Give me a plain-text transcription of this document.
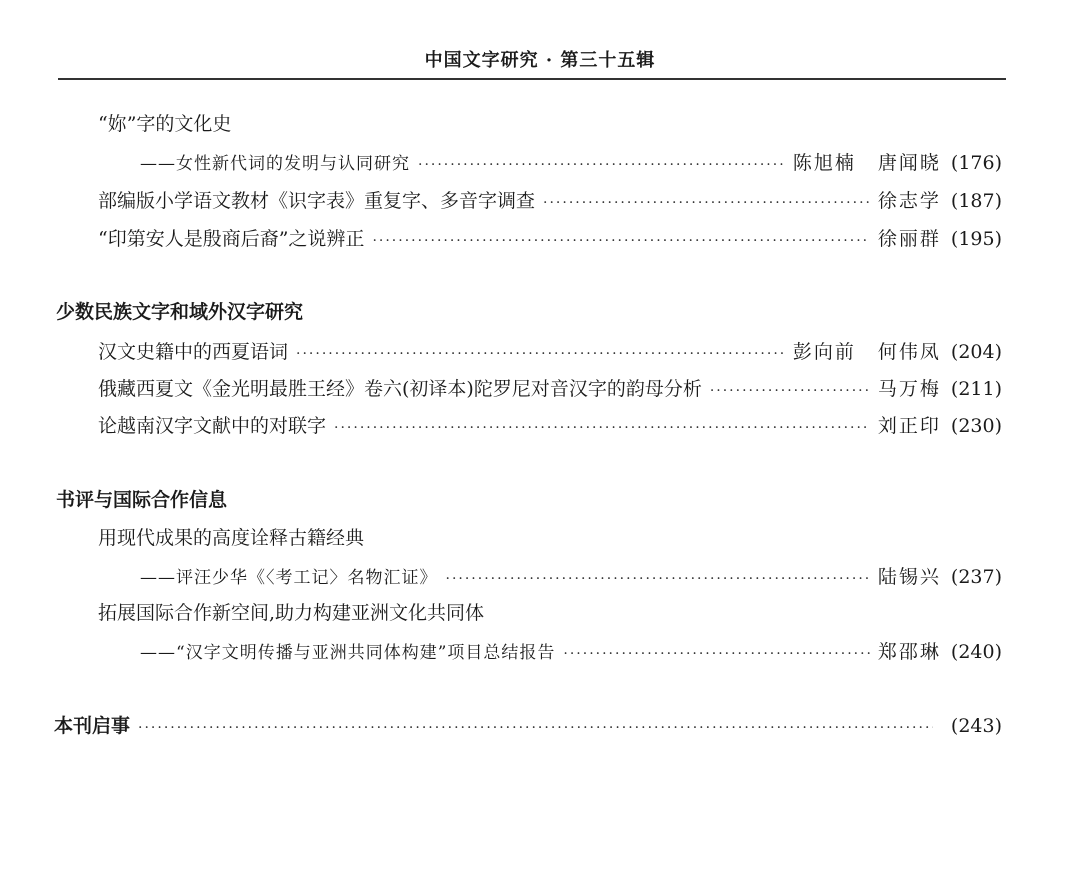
中国文字研究 · 第三十五辑
“妳”字的文化史
——女性新代词的发明与认同研究 ·····	陈旭楠 唐闻晓 (176)
部编版小学语文教材《识字表》重复字、多音字调查 ·····	徐志学 (187)
“印第安人是殷商后裔”之说辨正 ·····	徐丽群 (195)
少数民族文字和域外汉字研究
汉文史籍中的西夏语词 ·····	彭向前 何伟凤 (204)
俄藏西夏文《金光明最胜王经》卷六(初译本)陀罗尼对音汉字的韵母分析 ·····	马万梅 (211)
论越南汉字文献中的对联字 ·····	刘正印 (230)
书评与国际合作信息
用现代成果的高度诠释古籍经典
——评汪少华《〈考工记〉名物汇证》 ·····	陆锡兴 (237)
拓展国际合作新空间,助力构建亚洲文化共同体
——“汉字文明传播与亚洲共同体构建”项目总结报告 ·····	郑邵琳 (240)
本刊启事 ·····	(243)
